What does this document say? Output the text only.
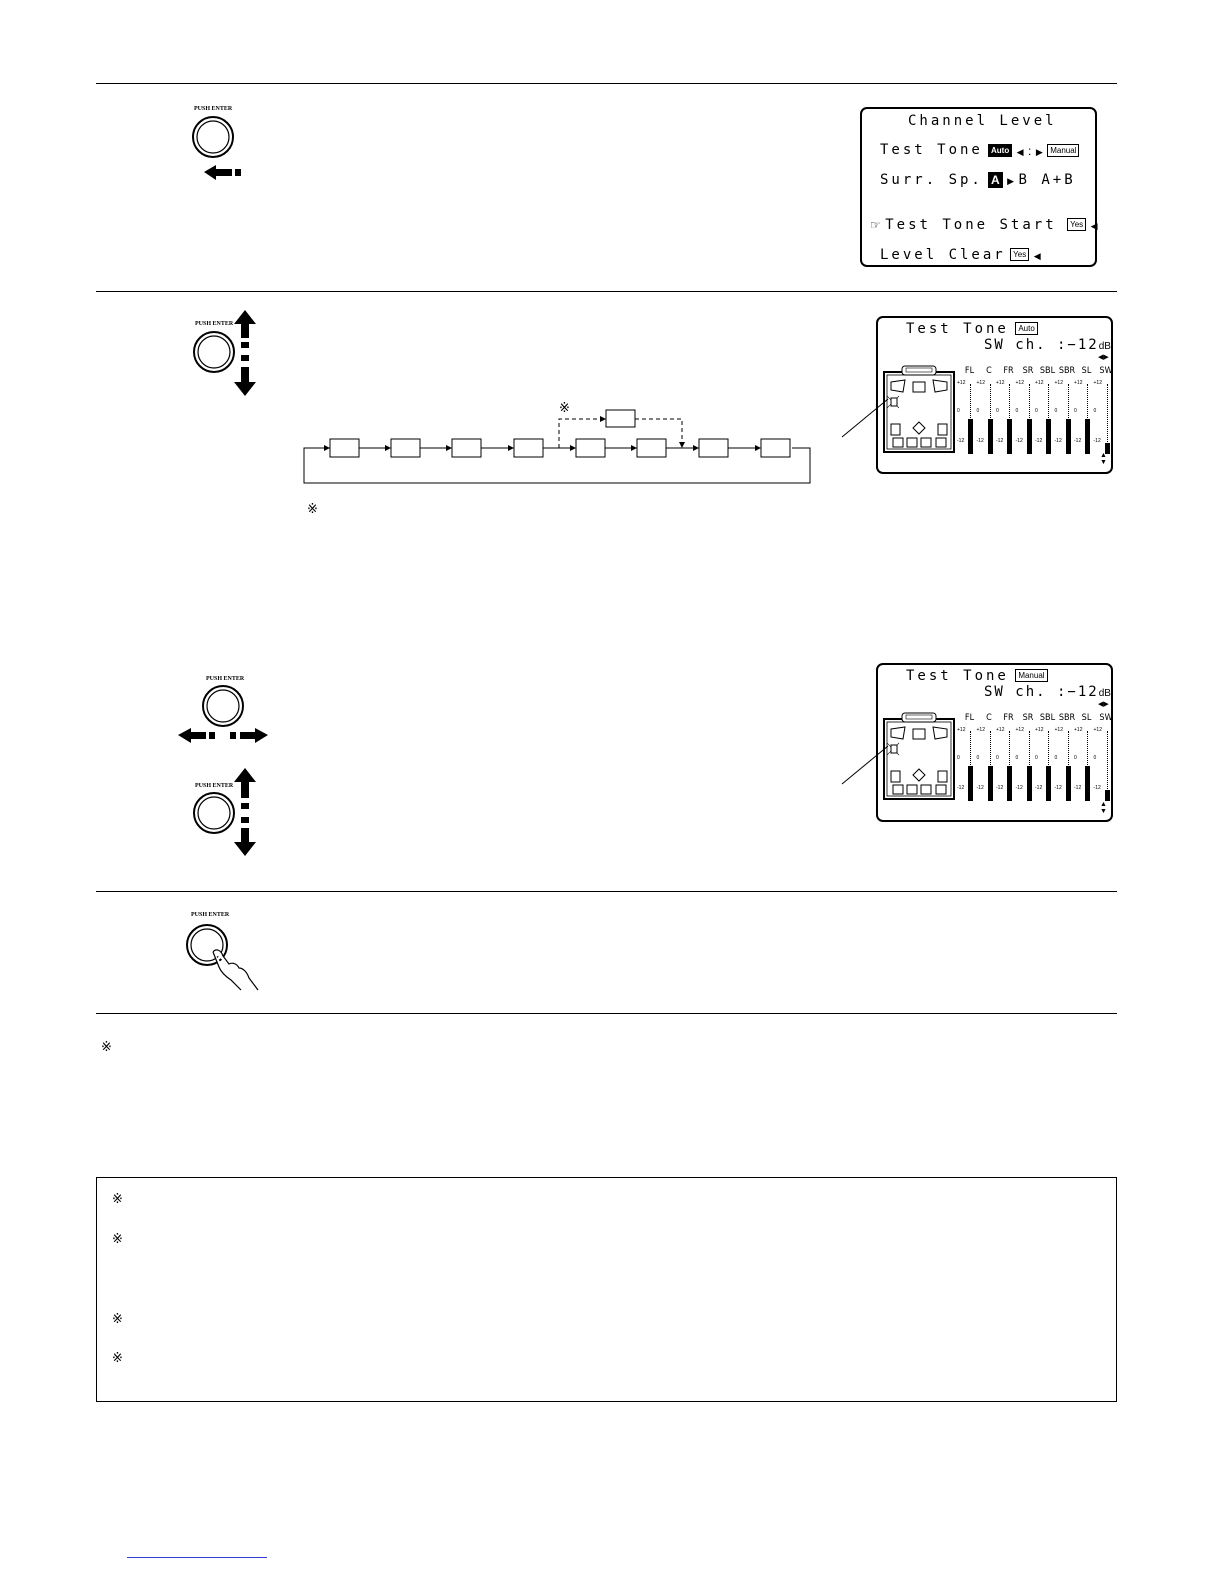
PUSH ENTER
Channel Level
Test Tone	Auto ◀ : ▶ Manual
Surr. Sp. A ▶ B A+B
☞ Test Tone Start Yes ◀
Level Clear Yes ◀
PUSH ENTER
※
※
Test Tone Auto
SW ch. :−12dB
◀▶
FL
+12
0
-12
C
+12
0
-12
FR
+12
0
-12
SR
+12
0
-12
SBL
+12
0
-12
SBR
+12
0
-12
SL
+12
0
-12
SW
+12
0
-12
▲
▼
PUSH ENTER
PUSH ENTER
Test Tone Manual
SW ch. :−12dB
◀▶
FL
+12
0
-12
C
+12
0
-12
FR
+12
0
-12
SR
+12
0
-12
SBL
+12
0
-12
SBR
+12
0
-12
SL
+12
0
-12
SW
+12
0
-12
▲
▼
PUSH ENTER
※
※
※
※
※
